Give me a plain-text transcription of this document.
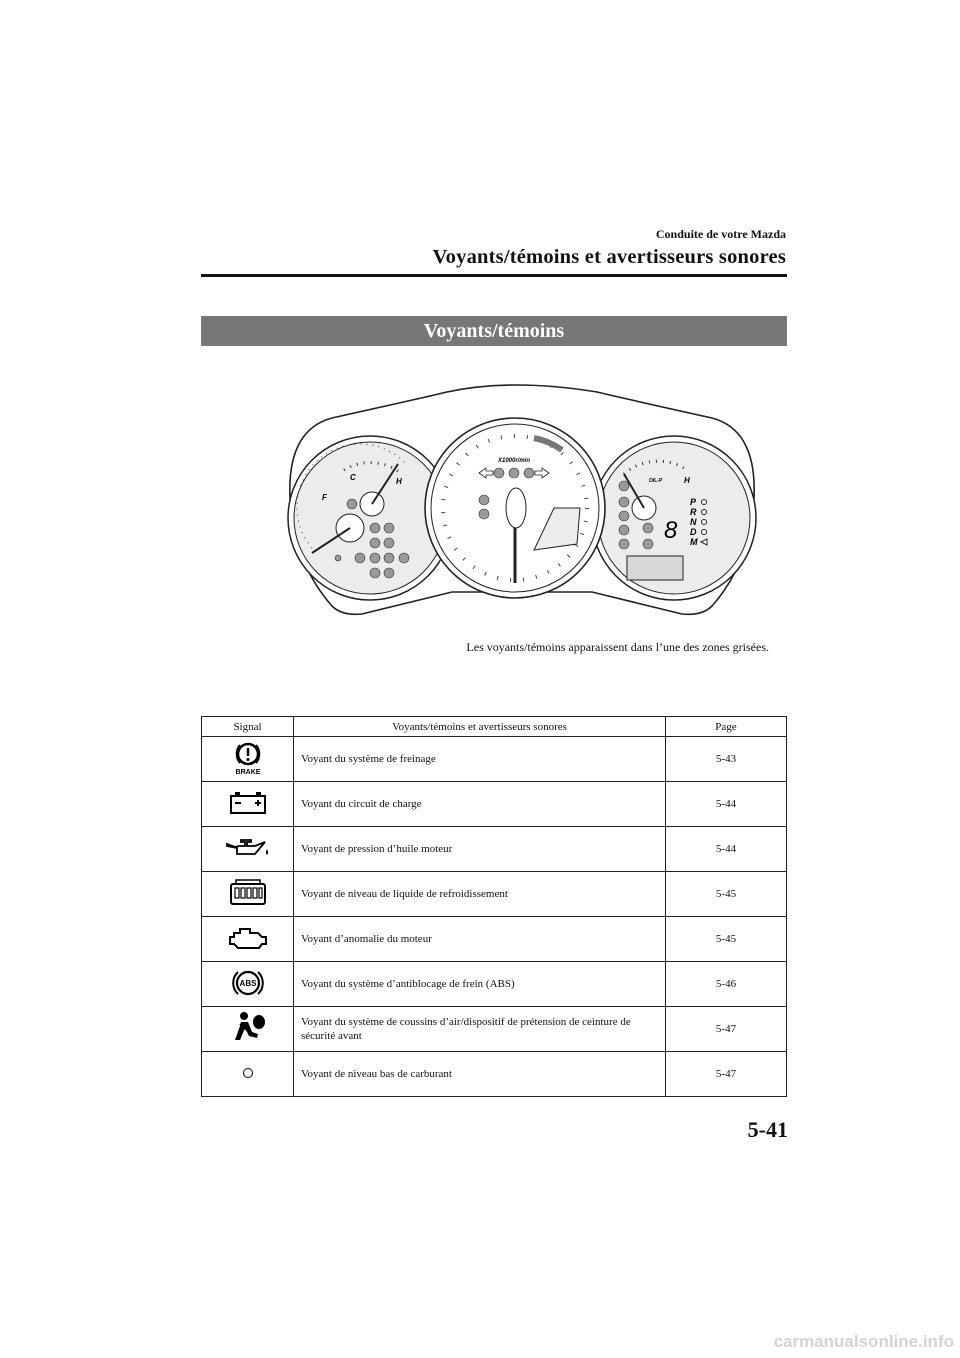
Conduite de votre Mazda
Voyants/témoins et avertisseurs sonores
Voyants/témoins
C	H
F
8
H
OIL-P
P
R
N
D
M
X1000r/min
Les voyants/témoins apparaissent dans l’une des zones grisées.
Signal	Voyants/témoins et avertisseurs sonores	Page

BRAKE	Voyant du système de freinage	5-43
	Voyant du circuit de charge	5-44
	Voyant de pression d’huile moteur	5-44
	Voyant de niveau de liquide de refroidissement	5-45
	Voyant d’anomalie du moteur	5-45

ABS	Voyant du système d’antiblocage de frein (ABS)	5-46
	Voyant du système de coussins d’air/dispositif de prétension de ceinture de sécurité avant	5-47
	Voyant de niveau bas de carburant	5-47
5-41
carmanualsonline.info
